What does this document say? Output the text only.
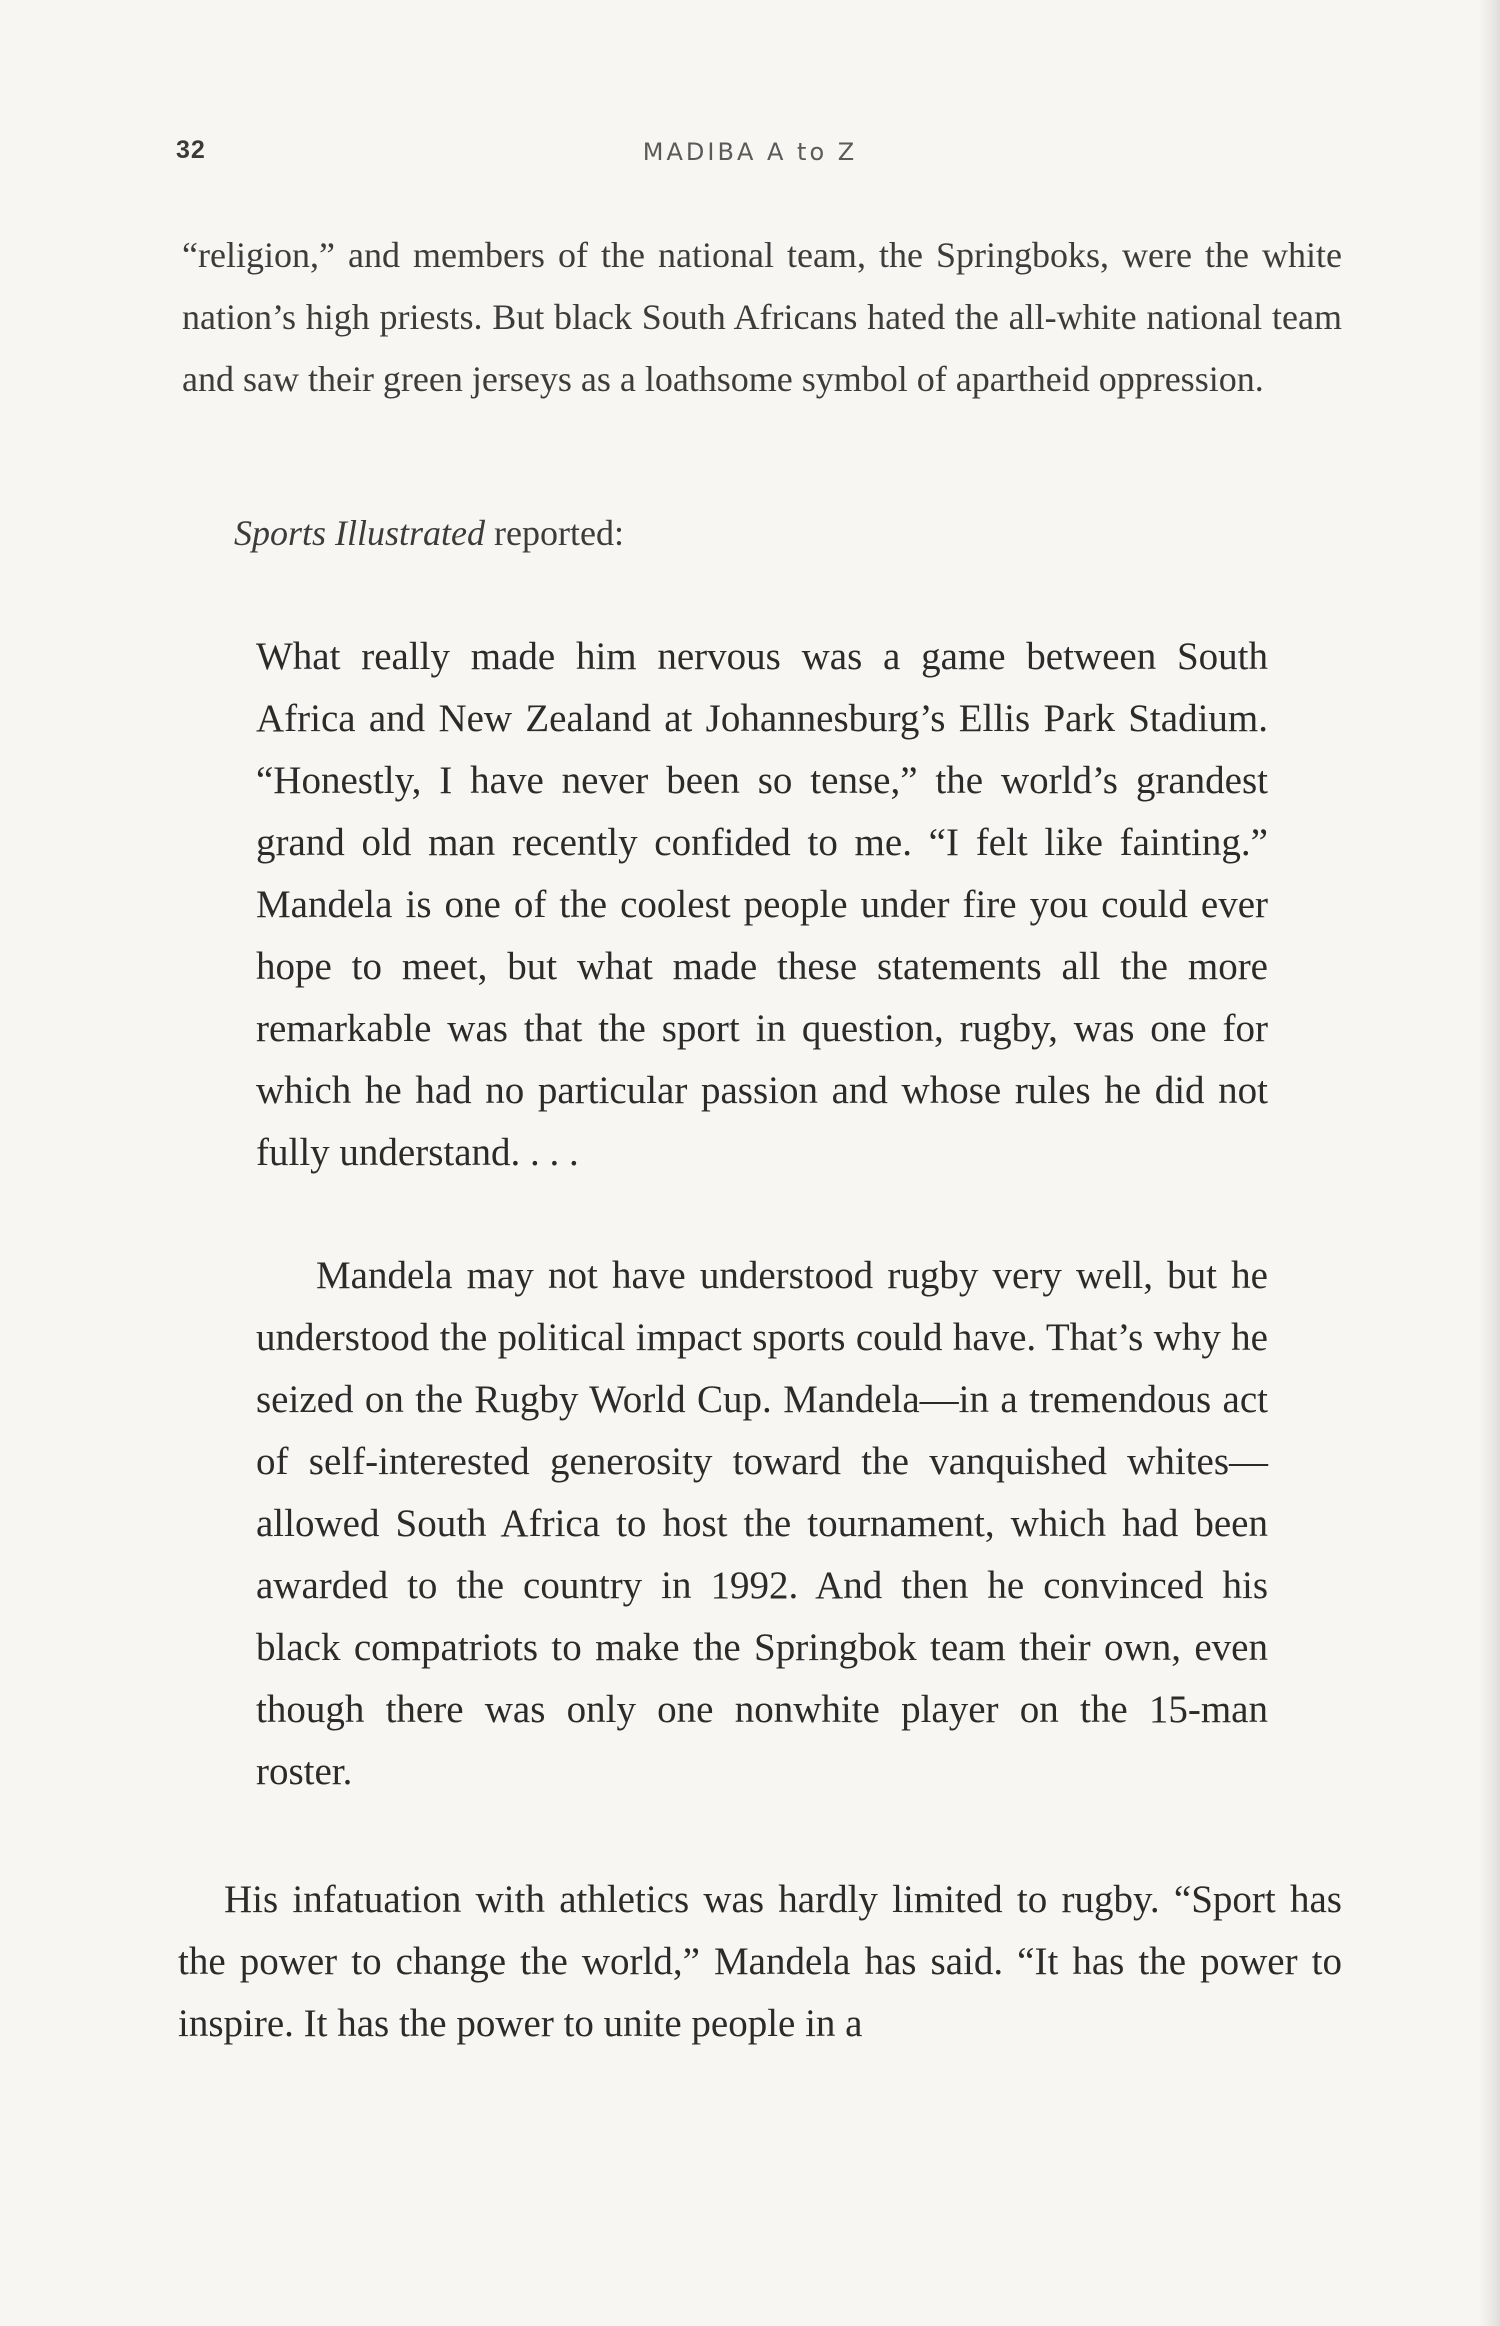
32	MADIBA A to Z

“religion,” and members of the national team, the Springboks, were the white nation’s high priests. But black South Africans hated the all-white national team and saw their green jerseys as a loathsome symbol of apartheid oppression.

Sports Illustrated reported:

What really made him nervous was a game between South Africa and New Zealand at Johannesburg’s Ellis Park Stadium. “Honestly, I have never been so tense,” the world’s grandest grand old man recently confided to me. “I felt like fainting.” Mandela is one of the coolest people under fire you could ever hope to meet, but what made these statements all the more remarkable was that the sport in question, rugby, was one for which he had no particular passion and whose rules he did not fully understand. . . .

Mandela may not have understood rugby very well, but he understood the political impact sports could have. That’s why he seized on the Rugby World Cup. Mandela—in a tremendous act of self-interested generosity toward the vanquished whites—allowed South Africa to host the tournament, which had been awarded to the country in 1992. And then he convinced his black compatriots to make the Springbok team their own, even though there was only one nonwhite player on the 15-man roster.

His infatuation with athletics was hardly limited to rugby. “Sport has the power to change the world,” Mandela has said. “It has the power to inspire. It has the power to unite people in a
